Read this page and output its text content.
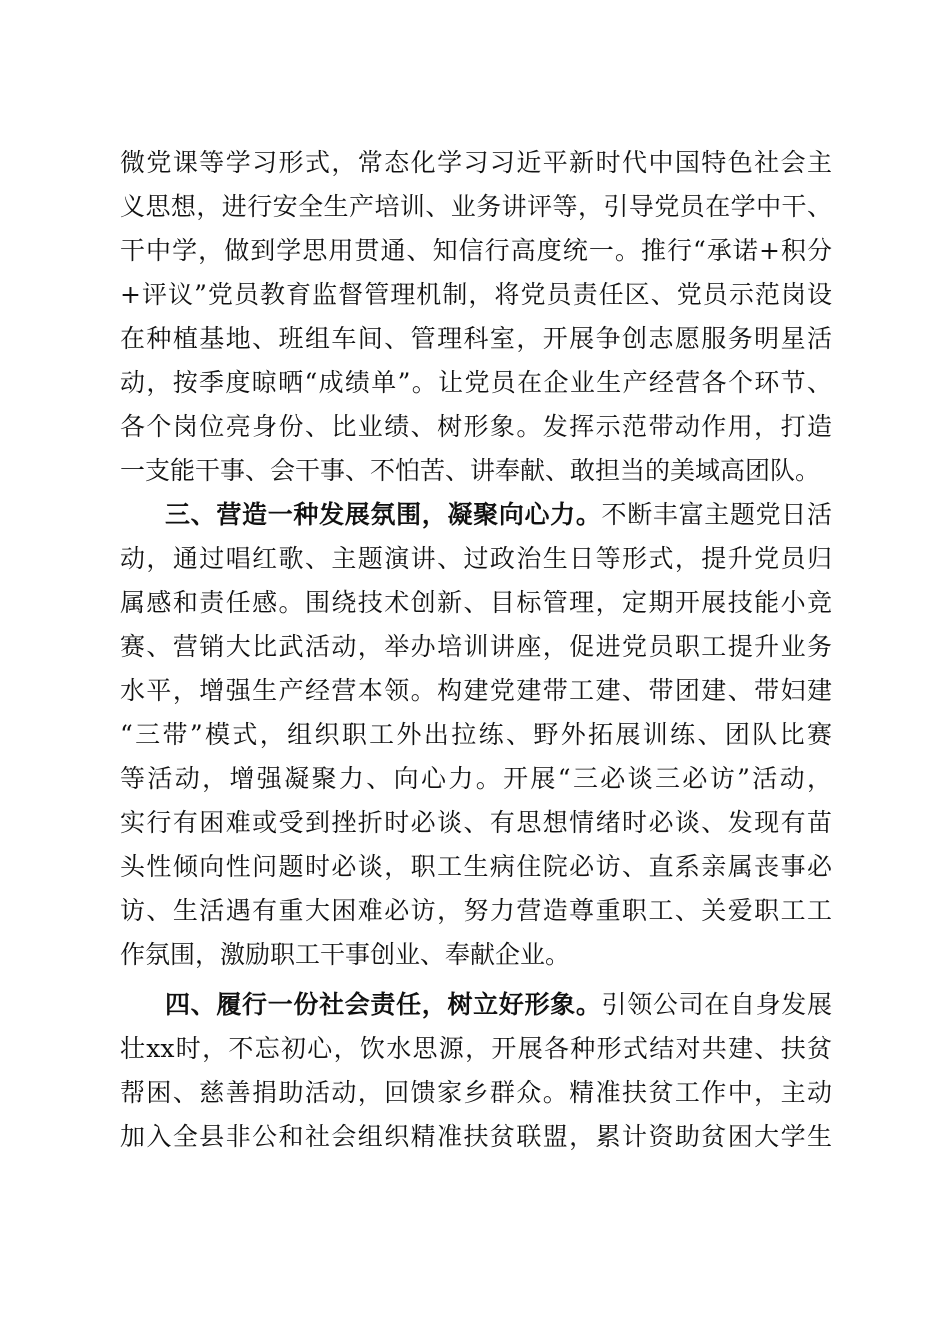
微党课等学习形式，常态化学习习近平新时代中国特色社会主
义思想，进行安全生产培训、业务讲评等，引导党员在学中干、
干中学，做到学思用贯通、知信行高度统一。推行“承诺+积分
+评议”党员教育监督管理机制，将党员责任区、党员示范岗设
在种植基地、班组车间、管理科室，开展争创志愿服务明星活
动，按季度晾晒“成绩单”。让党员在企业生产经营各个环节、
各个岗位亮身份、比业绩、树形象。发挥示范带动作用，打造
一支能干事、会干事、不怕苦、讲奉献、敢担当的美域高团队。
三、营造一种发展氛围，凝聚向心力。不断丰富主题党日活
动，通过唱红歌、主题演讲、过政治生日等形式，提升党员归
属感和责任感。围绕技术创新、目标管理，定期开展技能小竞
赛、营销大比武活动，举办培训讲座，促进党员职工提升业务
水平，增强生产经营本领。构建党建带工建、带团建、带妇建
“三带”模式，组织职工外出拉练、野外拓展训练、团队比赛
等活动，增强凝聚力、向心力。开展“三必谈三必访”活动，
实行有困难或受到挫折时必谈、有思想情绪时必谈、发现有苗
头性倾向性问题时必谈，职工生病住院必访、直系亲属丧事必
访、生活遇有重大困难必访，努力营造尊重职工、关爱职工工
作氛围，激励职工干事创业、奉献企业。
四、履行一份社会责任，树立好形象。引领公司在自身发展
壮xx时，不忘初心，饮水思源，开展各种形式结对共建、扶贫
帮困、慈善捐助活动，回馈家乡群众。精准扶贫工作中，主动
加入全县非公和社会组织精准扶贫联盟，累计资助贫困大学生
